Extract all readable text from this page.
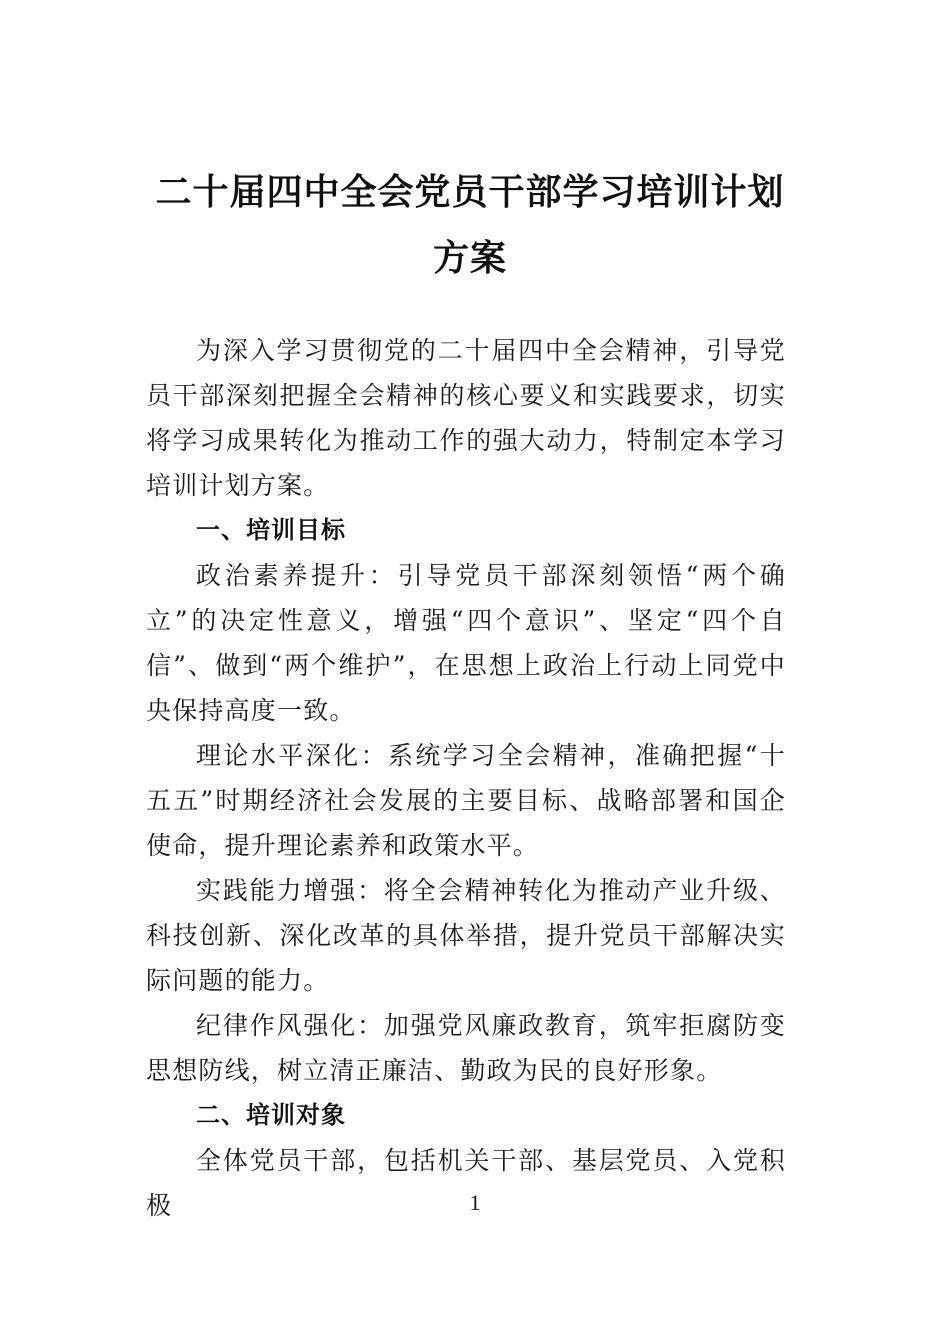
二十届四中全会党员干部学习培训计划方案

为深入学习贯彻党的二十届四中全会精神，引导党员干部深刻把握全会精神的核心要义和实践要求，切实将学习成果转化为推动工作的强大动力，特制定本学习培训计划方案。

一、培训目标

政治素养提升：引导党员干部深刻领悟“两个确立”的决定性意义，增强“四个意识”、坚定“四个自信”、做到“两个维护”，在思想上政治上行动上同党中央保持高度一致。

理论水平深化：系统学习全会精神，准确把握“十五五”时期经济社会发展的主要目标、战略部署和国企使命，提升理论素养和政策水平。

实践能力增强：将全会精神转化为推动产业升级、科技创新、深化改革的具体举措，提升党员干部解决实际问题的能力。

纪律作风强化：加强党风廉政教育，筑牢拒腐防变思想防线，树立清正廉洁、勤政为民的良好形象。

二、培训对象

全体党员干部，包括机关干部、基层党员、入党积极	1
